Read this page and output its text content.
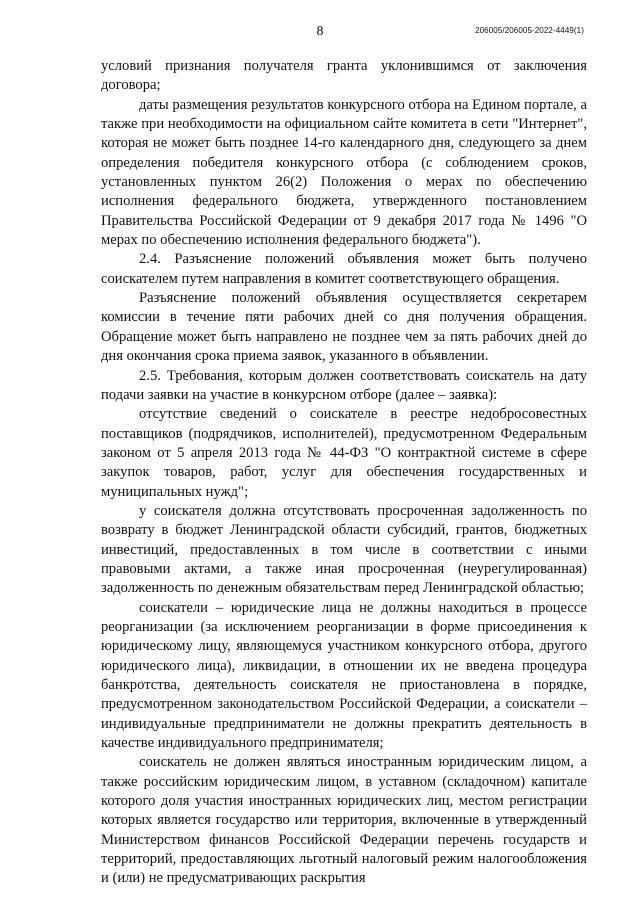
8	206005/206005-2022-4449(1)

условий признания получателя гранта уклонившимся от заключения договора;

даты размещения результатов конкурсного отбора на Едином портале, а также при необходимости на официальном сайте комитета в сети "Интернет", которая не может быть позднее 14-го календарного дня, следующего за днем определения победителя конкурсного отбора (с соблюдением сроков, установленных пунктом 26(2) Положения о мерах по обеспечению исполнения федерального бюджета, утвержденного постановлением Правительства Российской Федерации от 9 декабря 2017 года № 1496 "О мерах по обеспечению исполнения федерального бюджета").

2.4. Разъяснение положений объявления может быть получено соискателем путем направления в комитет соответствующего обращения.

Разъяснение положений объявления осуществляется секретарем комиссии в течение пяти рабочих дней со дня получения обращения. Обращение может быть направлено не позднее чем за пять рабочих дней до дня окончания срока приема заявок, указанного в объявлении.

2.5. Требования, которым должен соответствовать соискатель на дату подачи заявки на участие в конкурсном отборе (далее – заявка):

отсутствие сведений о соискателе в реестре недобросовестных поставщиков (подрядчиков, исполнителей), предусмотренном Федеральным законом от 5 апреля 2013 года № 44-ФЗ "О контрактной системе в сфере закупок товаров, работ, услуг для обеспечения государственных и муниципальных нужд";

у соискателя должна отсутствовать просроченная задолженность по возврату в бюджет Ленинградской области субсидий, грантов, бюджетных инвестиций, предоставленных в том числе в соответствии с иными правовыми актами, а также иная просроченная (неурегулированная) задолженность по денежным обязательствам перед Ленинградской областью;

соискатели – юридические лица не должны находиться в процессе реорганизации (за исключением реорганизации в форме присоединения к юридическому лицу, являющемуся участником конкурсного отбора, другого юридического лица), ликвидации, в отношении их не введена процедура банкротства, деятельность соискателя не приостановлена в порядке, предусмотренном законодательством Российской Федерации, а соискатели – индивидуальные предприниматели не должны прекратить деятельность в качестве индивидуального предпринимателя;

соискатель не должен являться иностранным юридическим лицом, а также российским юридическим лицом, в уставном (складочном) капитале которого доля участия иностранных юридических лиц, местом регистрации которых является государство или территория, включенные в утвержденный Министерством финансов Российской Федерации перечень государств и территорий, предоставляющих льготный налоговый режим налогообложения и (или) не предусматривающих раскрытия
